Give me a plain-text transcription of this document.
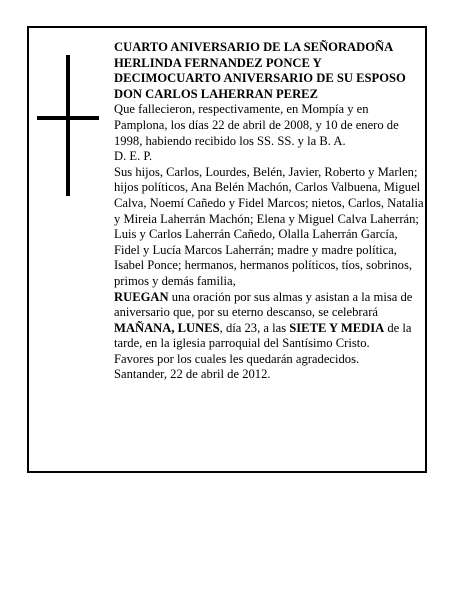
CUARTO ANIVERSARIO DE LA SEÑORADOÑA HERLINDA FERNANDEZ PONCE Y DECIMOCUARTO ANIVERSARIO DE SU ESPOSO DON CARLOS LAHERRAN PEREZ

Que fallecieron, respectivamente, en Mompía y en Pamplona, los días 22 de abril de 2008, y 10 de enero de 1998, habiendo recibido los SS. SS. y la B. A.

D. E. P.

Sus hijos, Carlos, Lourdes, Belén, Javier, Roberto y Marlen; hijos políticos, Ana Belén Machón, Carlos Valbuena, Miguel Calva, Noemí Cañedo y Fidel Marcos; nietos, Carlos, Natalia y Mireia Laherrán Machón; Elena y Miguel Calva Laherrán; Luis y Carlos Laherrán Cañedo, Olalla Laherrán García, Fidel y Lucía Marcos Laherrán; madre y madre política, Isabel Ponce; hermanos, hermanos políticos, tíos, sobrinos, primos y demás familia,

RUEGAN una oración por sus almas y asistan a la misa de aniversario que, por su eterno descanso, se celebrará MAÑANA, LUNES, día 23, a las SIETE Y MEDIA de la tarde, en la iglesia parroquial del Santísimo Cristo.

Favores por los cuales les quedarán agradecidos.

Santander, 22 de abril de 2012.
